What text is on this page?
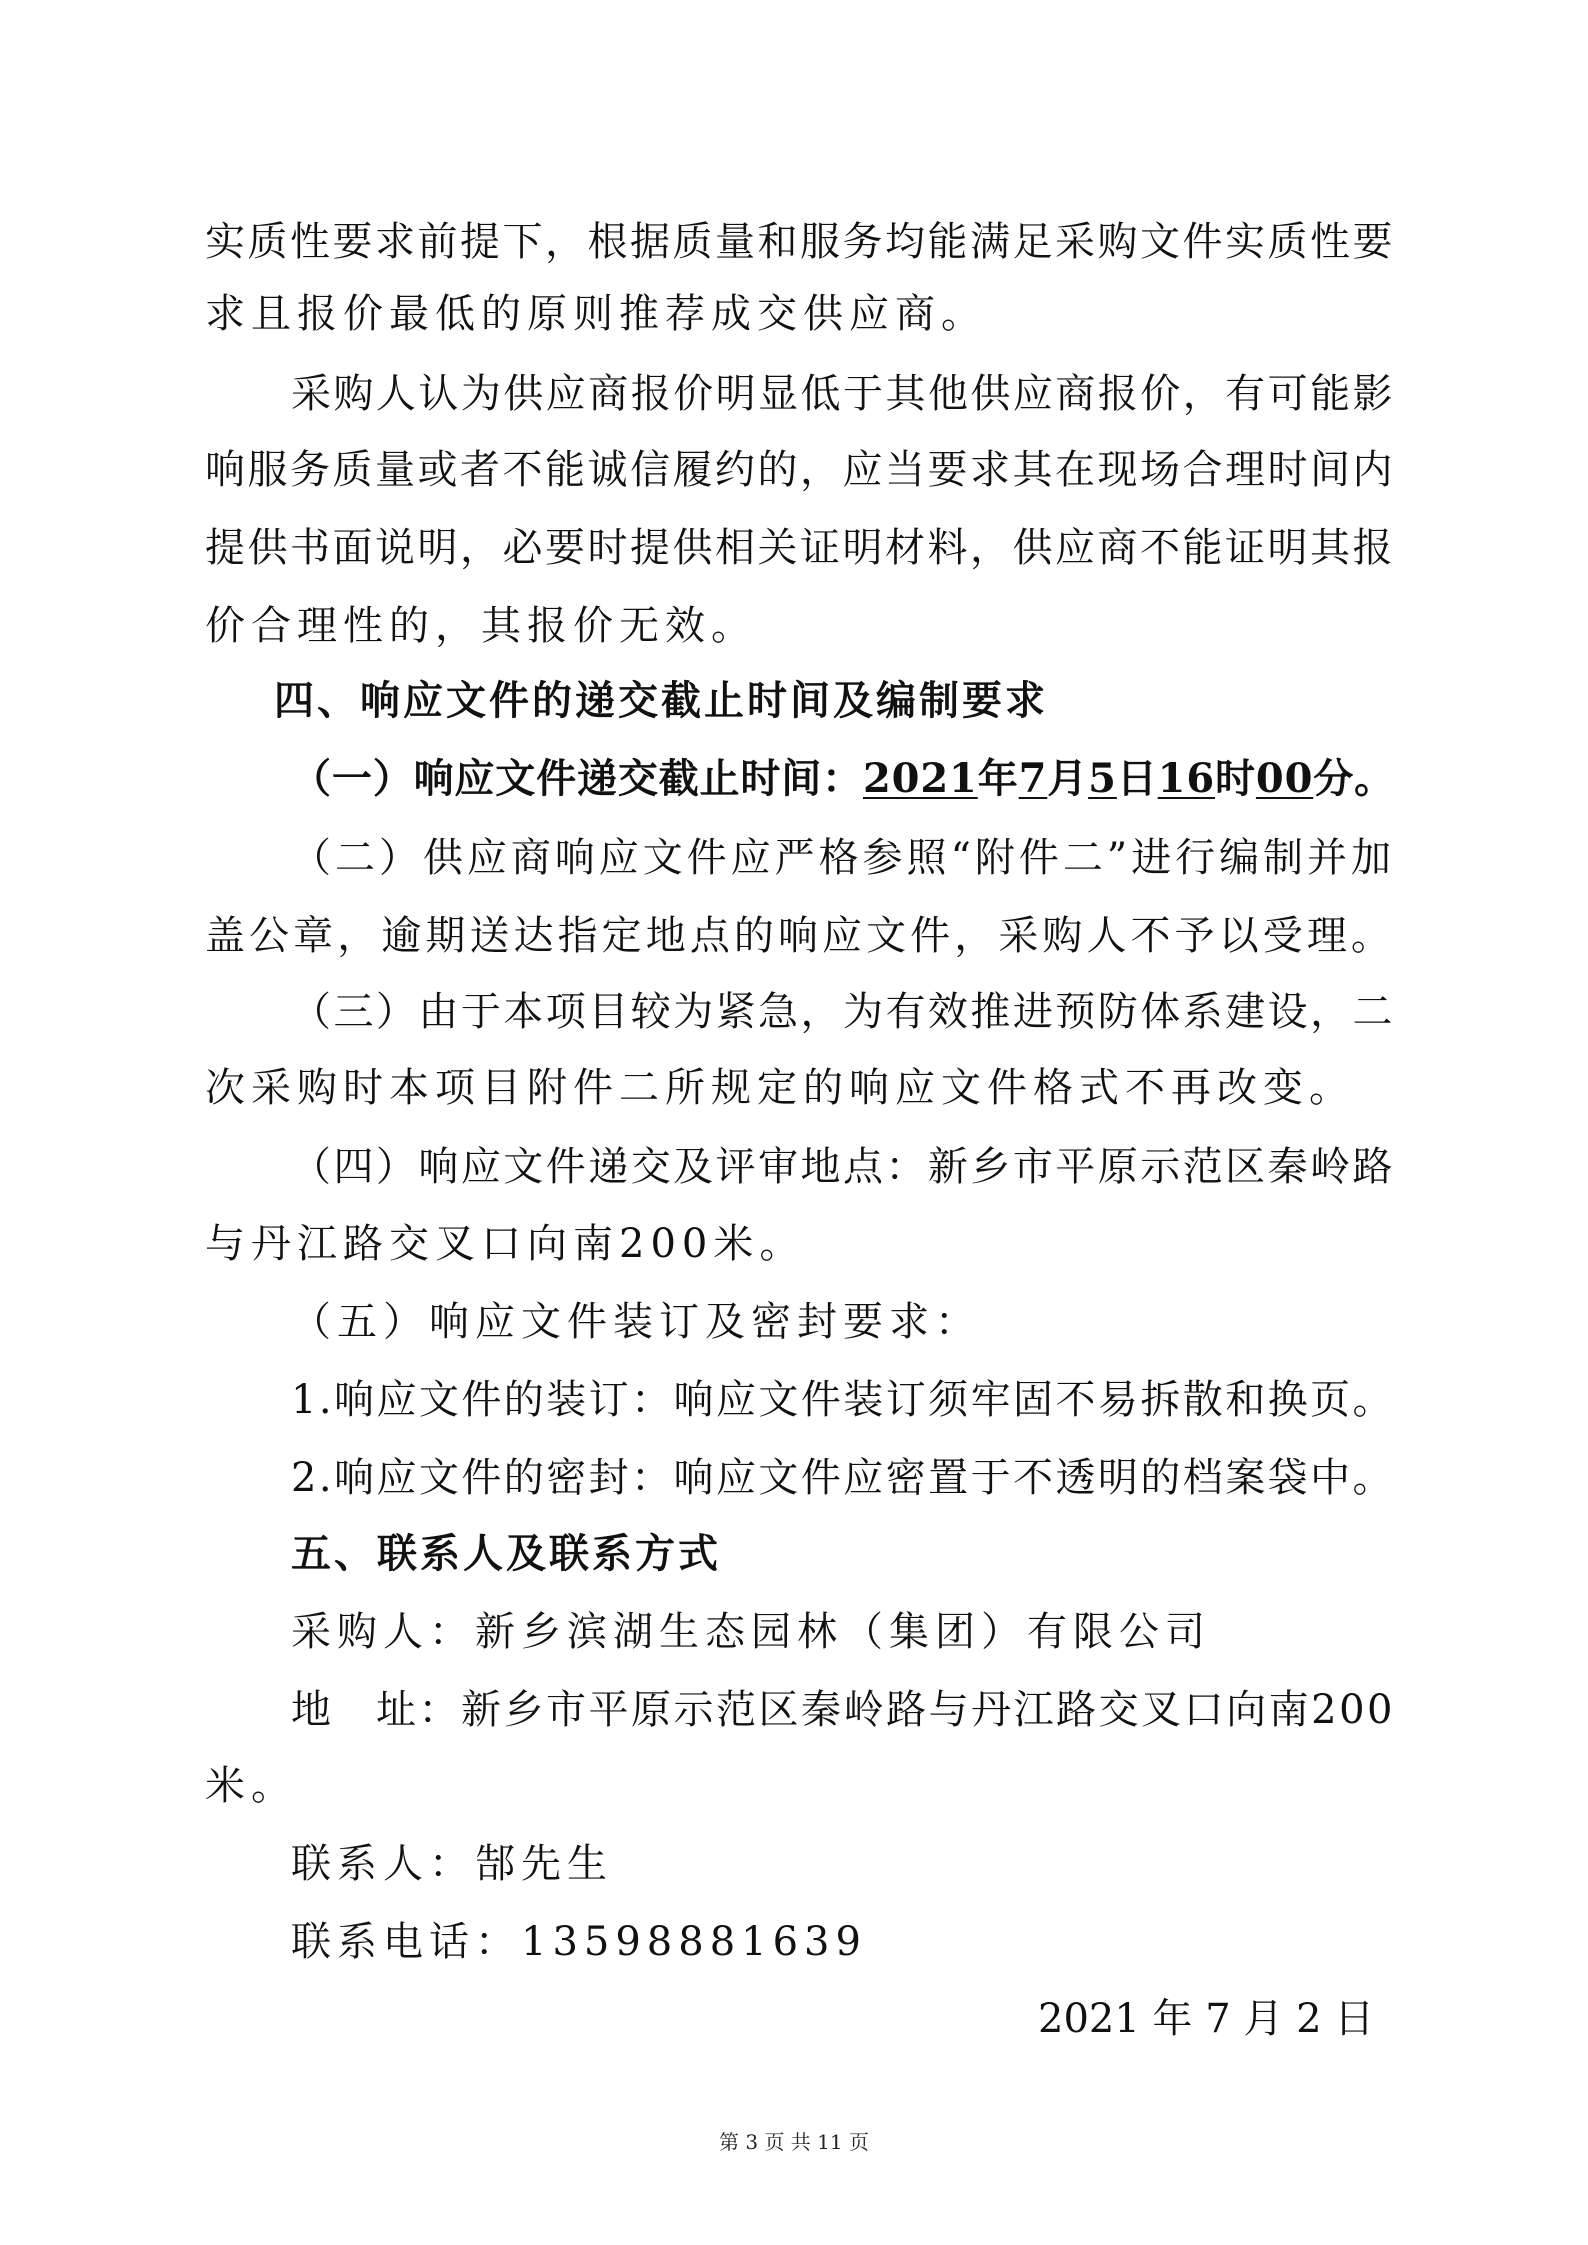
实质性要求前提下，根据质量和服务均能满足采购文件实质性要
求且报价最低的原则推荐成交供应商。
采购人认为供应商报价明显低于其他供应商报价，有可能影
响服务质量或者不能诚信履约的，应当要求其在现场合理时间内
提供书面说明，必要时提供相关证明材料，供应商不能证明其报
价合理性的，其报价无效。
四、响应文件的递交截止时间及编制要求
（一）响应文件递交截止时间：2021年7月5日16时00分。
（二）供应商响应文件应严格参照“附件二”进行编制并加
盖公章，逾期送达指定地点的响应文件，采购人不予以受理。
（三）由于本项目较为紧急，为有效推进预防体系建设，二
次采购时本项目附件二所规定的响应文件格式不再改变。
（四）响应文件递交及评审地点：新乡市平原示范区秦岭路
与丹江路交叉口向南200米。
（五）响应文件装订及密封要求：
1.响应文件的装订：响应文件装订须牢固不易拆散和换页。
2.响应文件的密封：响应文件应密置于不透明的档案袋中。
五、联系人及联系方式
采购人：新乡滨湖生态园林（集团）有限公司
地　址：新乡市平原示范区秦岭路与丹江路交叉口向南200
米。
联系人：郜先生
联系电话：13598881639
2021 年 7 月 2 日
第 3 页 共 11 页
